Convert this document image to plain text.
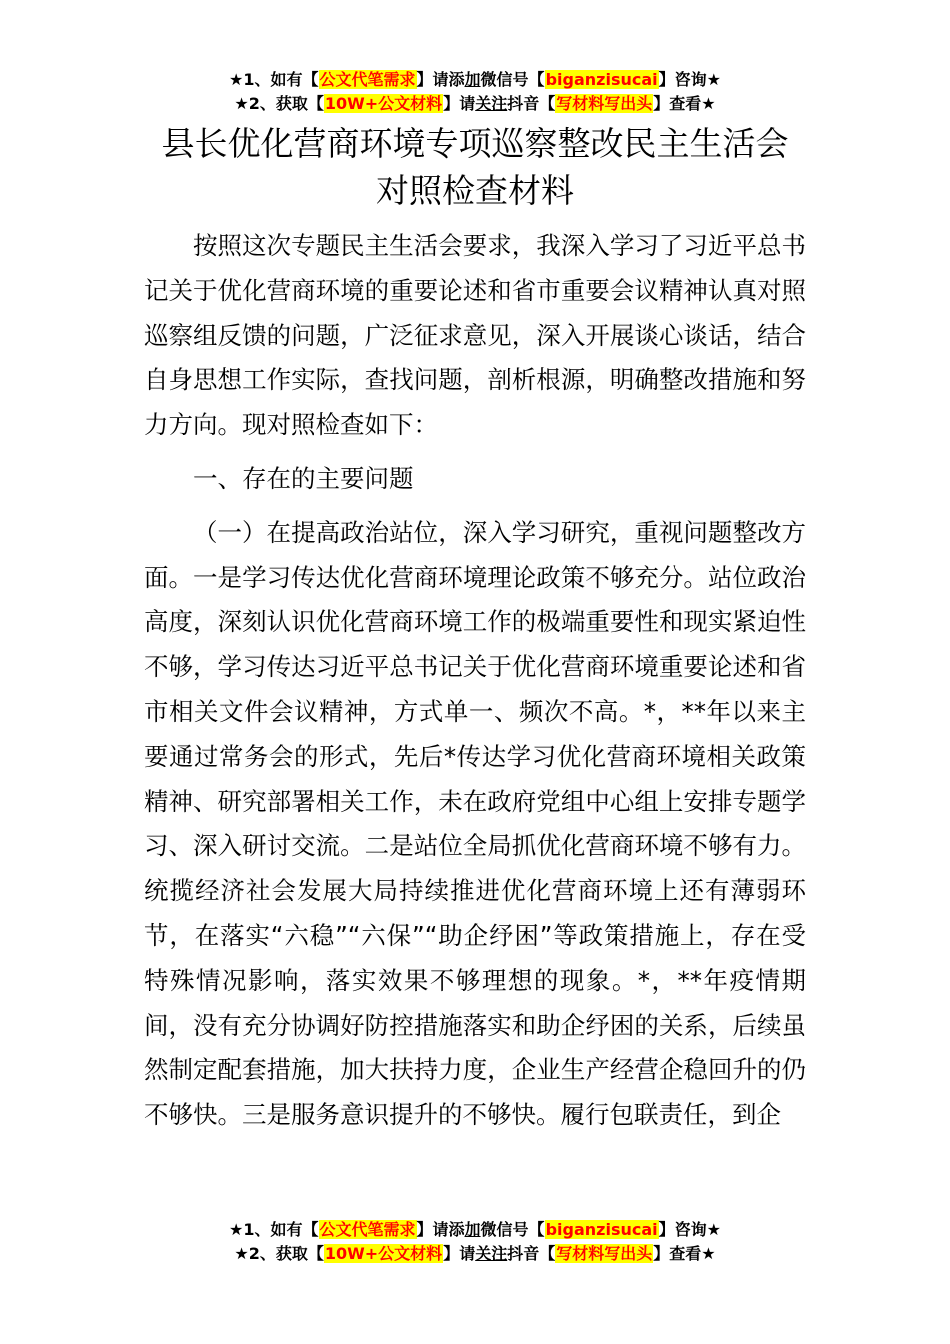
★1、如有【公文代笔需求】请添加微信号【biganzisucai】咨询★
★2、获取【10W+公文材料】请关注抖音【写材料写出头】查看★
县长优化营商环境专项巡察整改民主生活会
对照检查材料

按照这次专题民主生活会要求，我深入学习了习近平总书记关于优化营商环境的重要论述和省市重要会议精神认真对照巡察组反馈的问题，广泛征求意见，深入开展谈心谈话，结合自身思想工作实际，查找问题，剖析根源，明确整改措施和努力方向。现对照检查如下：

一、存在的主要问题

（一）在提高政治站位，深入学习研究，重视问题整改方面。一是学习传达优化营商环境理论政策不够充分。站位政治高度，深刻认识优化营商环境工作的极端重要性和现实紧迫性不够，学习传达习近平总书记关于优化营商环境重要论述和省市相关文件会议精神，方式单一、频次不高。*，**年以来主要通过常务会的形式，先后*传达学习优化营商环境相关政策精神、研究部署相关工作，未在政府党组中心组上安排专题学习、深入研讨交流。二是站位全局抓优化营商环境不够有力。统揽经济社会发展大局持续推进优化营商环境上还有薄弱环节，在落实“六稳”“六保”“助企纾困”等政策措施上，存在受特殊情况影响，落实效果不够理想的现象。*，**年疫情期间，没有充分协调好防控措施落实和助企纾困的关系，后续虽然制定配套措施，加大扶持力度，企业生产经营企稳回升的仍不够快。三是服务意识提升的不够快。履行包联责任，到企

★1、如有【公文代笔需求】请添加微信号【biganzisucai】咨询★
★2、获取【10W+公文材料】请关注抖音【写材料写出头】查看★
